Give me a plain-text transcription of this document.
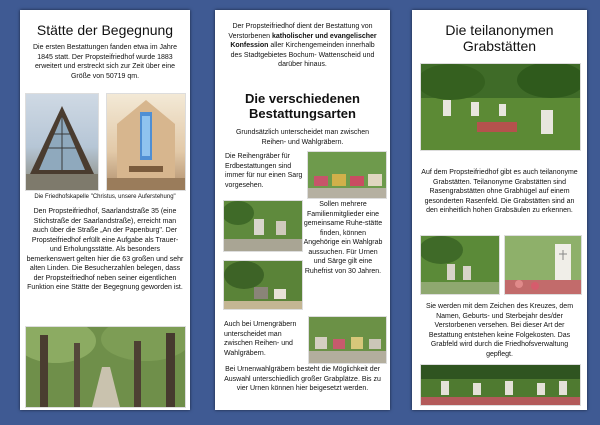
Stätte der Begegnung
Die ersten Bestattungen fanden etwa im Jahre 1845 statt. Der Propsteifriedhof wurde 1883 erweitert und erstreckt sich zur Zeit über eine Größe von 50719 qm.
Die Friedhofskapelle "Christus, unsere Auferstehung"
Den Propsteifriedhof, Saarlandstraße 35 (eine Stichstraße der Saarlandstraße), erreicht man auch über die Straße „An der Papenburg". Der Propsteifriedhof erfüllt eine Aufgabe als Trauer- und Erholungsstätte. Als besonders bemerkenswert gelten hier die 63 großen und sehr alten Linden. Die Besucherzahlen belegen, dass der Propsteifriedhof neben seiner eigentlichen Funktion eine Stätte der Begegnung geworden ist.
Der Propsteifriedhof dient der Bestattung von Verstorbenen katholischer und evangelischer Konfession aller Kirchengemeinden innerhalb des Stadtgebietes Bochum- Wattenscheid und darüber hinaus.
Die verschiedenen Bestattungsarten
Grundsätzlich unterscheidet man zwischen Reihen- und Wahlgräbern.
Die Reihengräber für Erdbestattungen sind immer für nur einen Sarg vorgesehen.
Sollen mehrere Familienmitglieder eine gemeinsame Ruhe-stätte finden, können Angehörige ein Wahlgrab aussuchen. Für Urnen und Särge gilt eine Ruhefrist von 30 Jahren.
Auch bei Urnengräbern unterscheidet man zwischen Reihen- und Wahlgräbern.
Bei Urnenwahlgräbern besteht die Möglichkeit der Auswahl unterschiedlich großer Grabplätze. Bis zu vier Urnen können hier beigesetzt werden.
Die teilanonymen Grabstätten
Auf dem Propsteifriedhof gibt es auch teilanonyme Grabstätten. Teilanonyme Grabstätten sind Rasengrabstätten ohne Grabhügel auf einem gesonderten Rasenfeld. Die Grabstätten sind an den einheitlich hohen Grabsäulen zu erkennen.
Sie werden mit dem Zeichen des Kreuzes, dem Namen, Geburts- und Sterbejahr des/der Verstorbenen versehen. Bei dieser Art der Bestattung entstehen keine Folgekosten. Das Grabfeld wird durch die Friedhofsverwaltung gepflegt.
